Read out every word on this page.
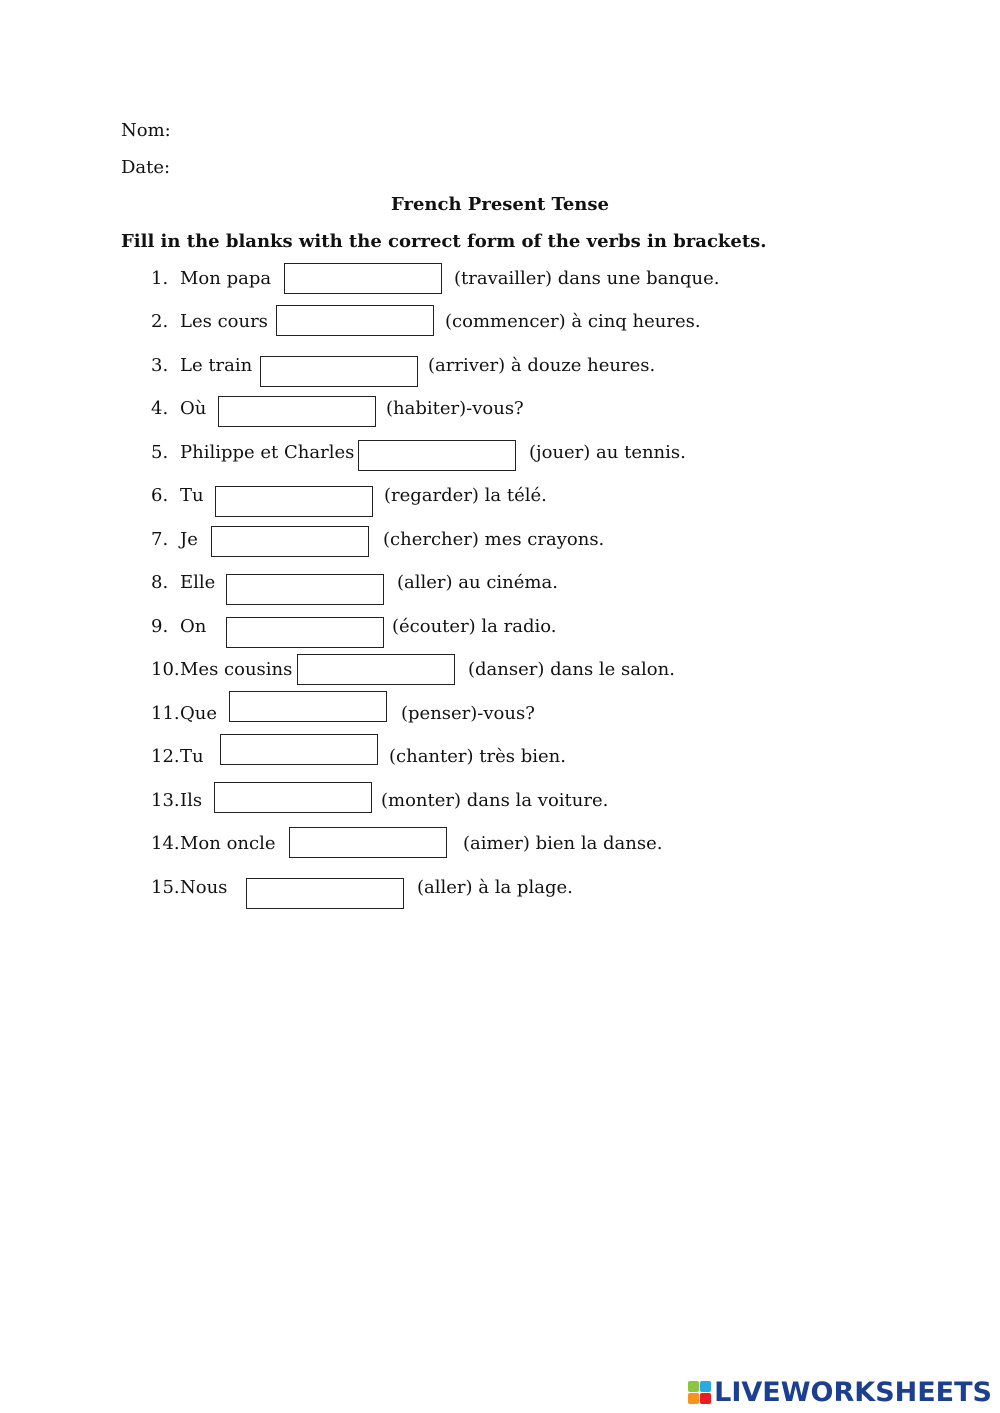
Nom:
Date:
French Present Tense
Fill in the blanks with the correct form of the verbs in brackets.
1. Mon papa	(travailler) dans une banque.
2. Les cours	(commencer) à cinq heures.
3. Le train	(arriver) à douze heures.
4. Où	(habiter)-vous?
5. Philippe et Charles	(jouer) au tennis.
6. Tu	(regarder) la télé.
7. Je	(chercher) mes crayons.
8. Elle	(aller) au cinéma.
9. On	(écouter) la radio.
10. Mes cousins	(danser) dans le salon.
11. Que	(penser)-vous?
12. Tu	(chanter) très bien.
13. Ils	(monter) dans la voiture.
14. Mon oncle	(aimer) bien la danse.
15. Nous	(aller) à la plage.
LIVEWORKSHEETS
